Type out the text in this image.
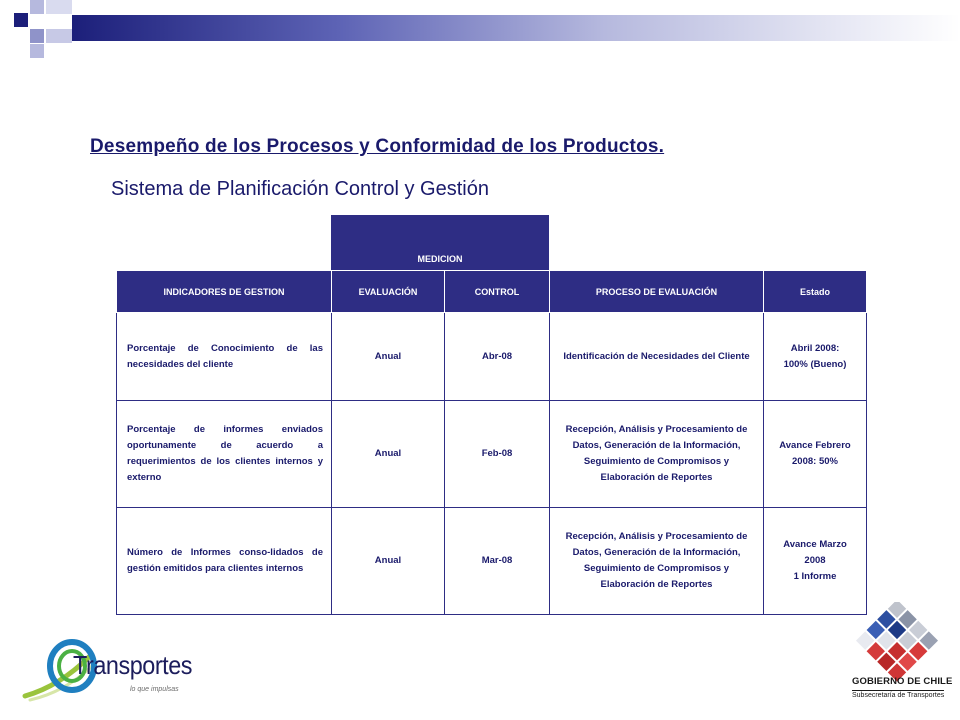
Desempeño de los Procesos y Conformidad de los Productos.
Sistema de Planificación Control y Gestión
MEDICION
INDICADORES DE GESTION	EVALUACIÓN	CONTROL	PROCESO DE EVALUACIÓN	Estado
Porcentaje de Conocimiento de las necesidades del cliente	Anual	Abr-08	Identificación de Necesidades del Cliente	Abril 2008:
100% (Bueno)

Porcentaje de informes enviados oportunamente de acuerdo a requerimientos de los clientes internos y externo	Anual	Feb-08	Recepción, Análisis y Procesamiento de Datos, Generación de la Información, Seguimiento de Compromisos y Elaboración de Reportes	Avance Febrero
2008: 50%

Número de Informes conso-lidados de gestión emitidos para clientes internos	Anual	Mar-08	Recepción, Análisis y Procesamiento de Datos, Generación de la Información, Seguimiento de Compromisos y Elaboración de Reportes	Avance Marzo
2008
1 Informe
Transportes
lo que impulsas
GOBIERNO DE CHILE
Subsecretaría de Transportes
